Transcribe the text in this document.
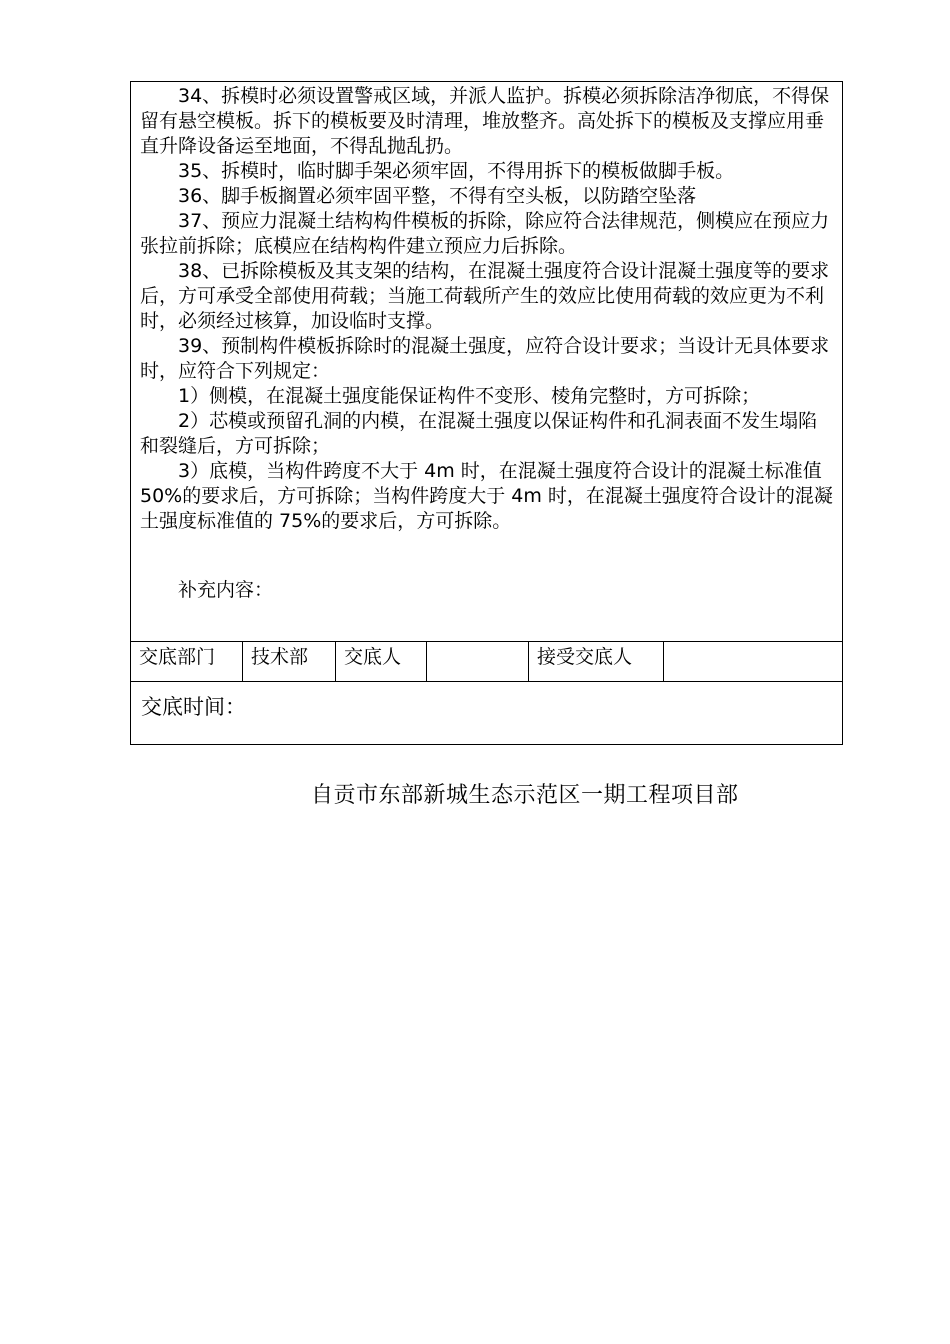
34、拆模时必须设置警戒区域，并派人监护。拆模必须拆除洁净彻底，不得保留有悬空模板。拆下的模板要及时清理，堆放整齐。高处拆下的模板及支撑应用垂直升降设备运至地面，不得乱抛乱扔。

35、拆模时，临时脚手架必须牢固，不得用拆下的模板做脚手板。

36、脚手板搁置必须牢固平整，不得有空头板，以防踏空坠落

37、预应力混凝土结构构件模板的拆除，除应符合法律规范，侧模应在预应力张拉前拆除；底模应在结构构件建立预应力后拆除。

38、已拆除模板及其支架的结构，在混凝土强度符合设计混凝土强度等的要求后，方可承受全部使用荷载；当施工荷载所产生的效应比使用荷载的效应更为不利时，必须经过核算，加设临时支撑。

39、预制构件模板拆除时的混凝土强度，应符合设计要求；当设计无具体要求时，应符合下列规定：

1）侧模，在混凝土强度能保证构件不变形、棱角完整时，方可拆除；

2）芯模或预留孔洞的内模，在混凝土强度以保证构件和孔洞表面不发生塌陷和裂缝后，方可拆除；

3）底模，当构件跨度不大于 4m 时，在混凝土强度符合设计的混凝土标准值 50%的要求后，方可拆除；当构件跨度大于 4m 时，在混凝土强度符合设计的混凝土强度标准值的 75%的要求后，方可拆除。

补充内容：

交底部门	技术部	交底人		接受交底人	
交底时间：
自贡市东部新城生态示范区一期工程项目部
